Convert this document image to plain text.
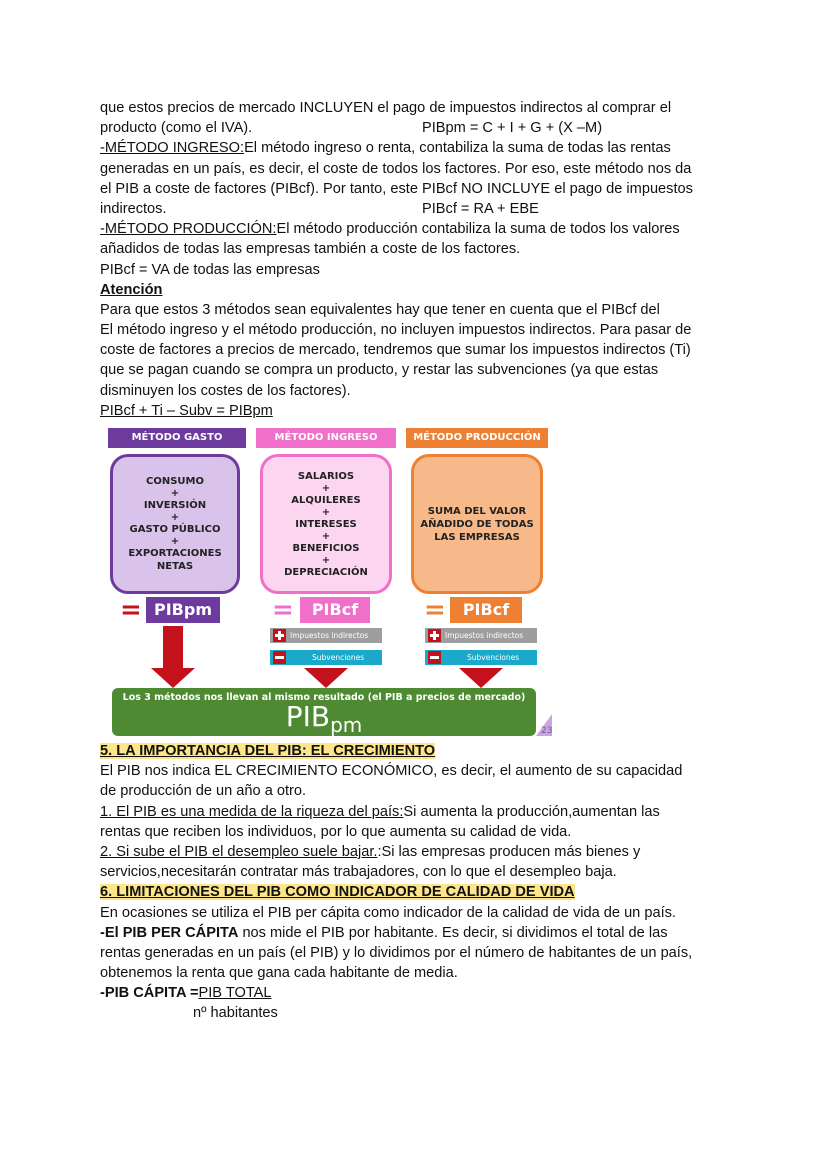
que estos precios de mercado INCLUYEN el pago de impuestos indirectos al comprar el
producto (como el IVA).	PIBpm = C + I + G + (X –M)
-MÉTODO INGRESO:El método ingreso o renta, contabiliza la suma de todas las rentas
generadas en un país, es decir, el coste de todos los factores. Por eso, este método nos da
el PIB a coste de factores (PIBcf). Por tanto, este PIBcf NO INCLUYE el pago de impuestos
indirectos.	PIBcf = RA + EBE
-MÉTODO PRODUCCIÓN:El método producción contabiliza la suma de todos los valores
añadidos de todas las empresas también a coste de los factores.
PIBcf = VA de todas las empresas
Atención
Para que estos 3 métodos sean equivalentes hay que tener en cuenta que el PIBcf del
El método ingreso y el método producción, no incluyen impuestos indirectos. Para pasar de
coste de factores a precios de mercado, tendremos que sumar los impuestos indirectos (Ti)
que se pagan cuando se compra un producto, y restar las subvenciones (ya que estas
disminuyen los costes de los factores).
PIBcf + Ti – Subv = PIBpm
MÉTODO GASTO	MÉTODO INGRESO	MÉTODO PRODUCCIÓN
CONSUMO
+
INVERSIÓN
+
GASTO PÚBLICO
+
EXPORTACIONES
NETAS
SALARIOS
+
ALQUILERES
+
INTERESES
+
BENEFICIOS
+
DEPRECIACIÓN
SUMA DEL VALOR
AÑADIDO DE TODAS
LAS EMPRESAS
= PIBpm	=	PIBcf	=	PIBcf
Impuestos indirectos
Subvenciones
Impuestos indirectos
Subvenciones
Los 3 métodos nos llevan al mismo resultado (el PIB a precios de mercado)
$PIB_{pm}$	23
5. LA IMPORTANCIA DEL PIB: EL CRECIMIENTO
El PIB nos indica EL CRECIMIENTO ECONÓMICO, es decir, el aumento de su capacidad
de producción de un año a otro.
1. El PIB es una medida de la riqueza del país:Si aumenta la producción,aumentan las
rentas que reciben los individuos, por lo que aumenta su calidad de vida.
2. Si sube el PIB el desempleo suele bajar.:Si las empresas producen más bienes y
servicios,necesitarán contratar más trabajadores, con lo que el desempleo baja.
6. LIMITACIONES DEL PIB COMO INDICADOR DE CALIDAD DE VIDA
En ocasiones se utiliza el PIB per cápita como indicador de la calidad de vida de un país.
-El PIB PER CÁPITA nos mide el PIB por habitante. Es decir, si dividimos el total de las
rentas generadas en un país (el PIB) y lo dividimos por el número de habitantes de un país,
obtenemos la renta que gana cada habitante de media.
-PIB CÁPITA =PIB TOTAL
nº habitantes
